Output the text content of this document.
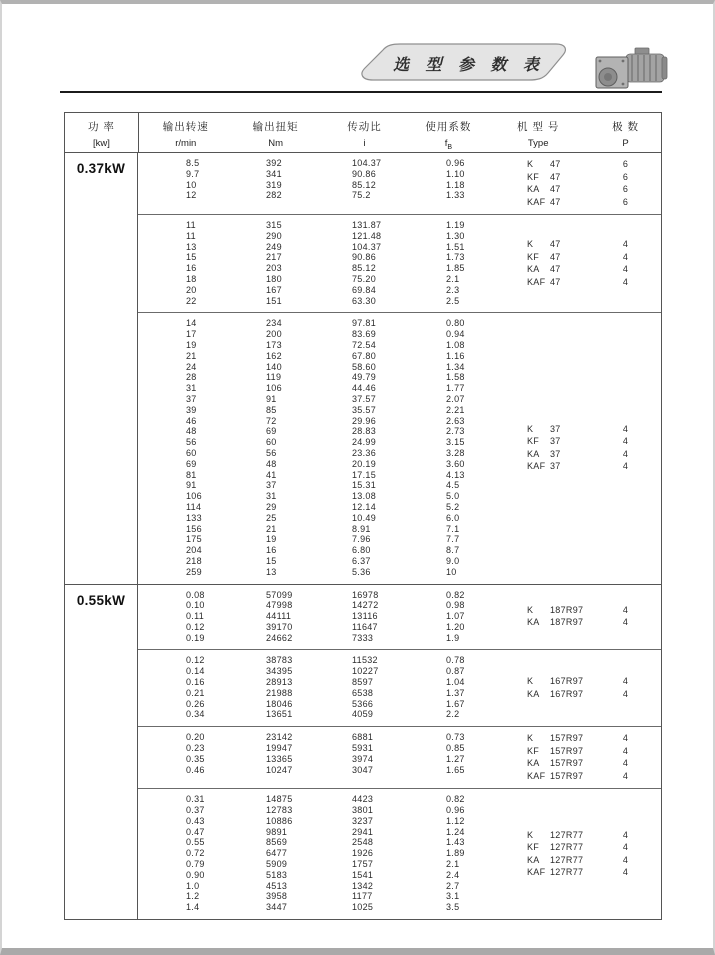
选 型 参 数 表
功 率
[kw]
输出转速
r/min
输出扭矩
Nm
传动比
i
使用系数
$f_B$
机 型 号
Type
极 数
P
0.37kW	8.5
9.7
10
12
392
341
319
282
104.37
90.86
85.12
75.2
0.96
1.10
1.18
1.33
K 47
KF 47
KA 47
KAF 47
6
6
6
6
11
11
13
15
16
18
20
22
315
290
249
217
203
180
167
151
131.87
121.48
104.37
90.86
85.12
75.20
69.84
63.30
1.19
1.30
1.51
1.73
1.85
2.1
2.3
2.5
K 47
KF 47
KA 47
KAF 47
4
4
4
4
14
17
19
21
24
28
31
37
39
46
48
56
60
69
81
91
106
114
133
156
175
204
218
259
234
200
173
162
140
119
106
91
85
72
69
60
56
48
41
37
31
29
25
21
19
16
15
13
97.81
83.69
72.54
67.80
58.60
49.79
44.46
37.57
35.57
29.96
28.83
24.99
23.36
20.19
17.15
15.31
13.08
12.14
10.49
8.91
7.96
6.80
6.37
5.36
0.80
0.94
1.08
1.16
1.34
1.58
1.77
2.07
2.21
2.63
2.73
3.15
3.28
3.60
4.13
4.5
5.0
5.2
6.0
7.1
7.7
8.7
9.0
10
K 37
KF 37
KA 37
KAF 37
4
4
4
4
0.55kW	0.08
0.10
0.11
0.12
0.19
57099
47998
44111
39170
24662
16978
14272
13116
11647
7333
0.82
0.98
1.07
1.20
1.9
K 187R97
KA 187R97
4
4
0.12
0.14
0.16
0.21
0.26
0.34
38783
34395
28913
21988
18046
13651
11532
10227
8597
6538
5366
4059
0.78
0.87
1.04
1.37
1.67
2.2
K 167R97
KA 167R97
4
4
0.20
0.23
0.35
0.46
23142
19947
13365
10247
6881
5931
3974
3047
0.73
0.85
1.27
1.65
K 157R97
KF 157R97
KA 157R97
KAF 157R97
4
4
4
4
0.31
0.37
0.43
0.47
0.55
0.72
0.79
0.90
1.0
1.2
1.4
14875
12783
10886
9891
8569
6477
5909
5183
4513
3958
3447
4423
3801
3237
2941
2548
1926
1757
1541
1342
1177
1025
0.82
0.96
1.12
1.24
1.43
1.89
2.1
2.4
2.7
3.1
3.5
K 127R77
KF 127R77
KA 127R77
KAF 127R77
4
4
4
4
